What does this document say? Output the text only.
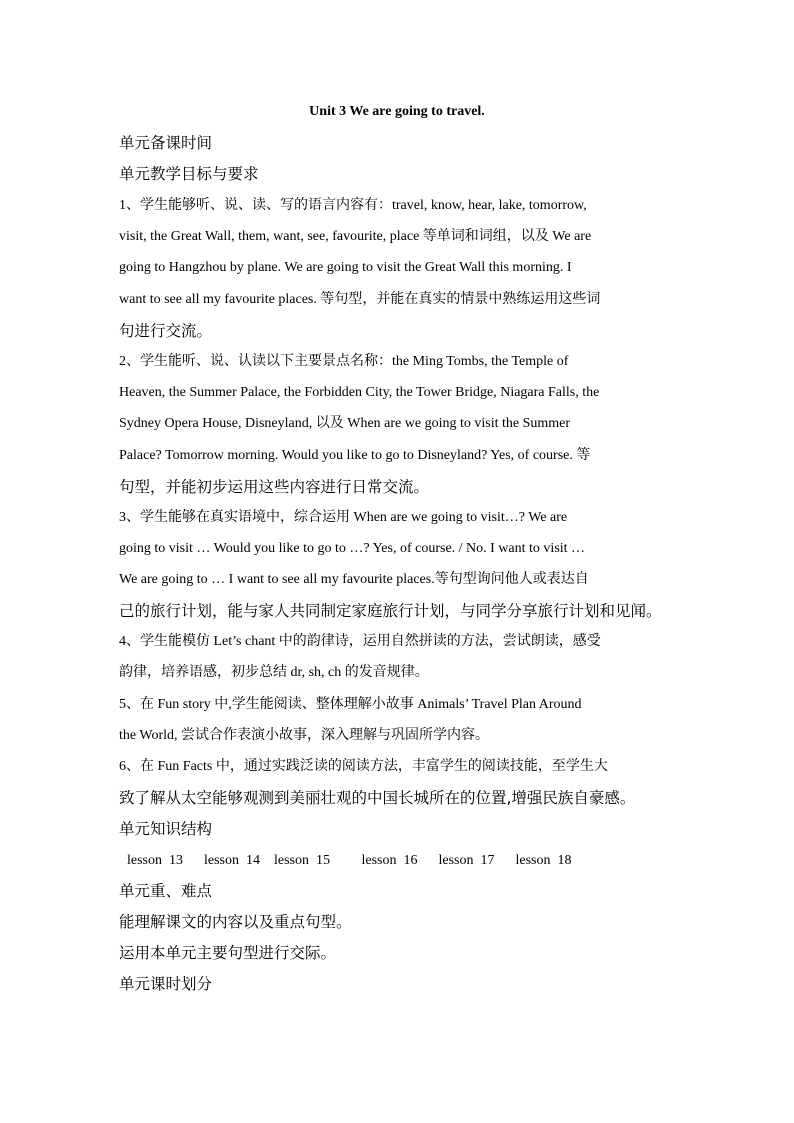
Unit 3 We are going to travel.
单元备课时间
单元教学目标与要求
1、学生能够听、说、读、写的语言内容有：travel, know, hear, lake, tomorrow,
visit, the Great Wall, them, want, see, favourite, place 等单词和词组，以及 We are
going to Hangzhou by plane. We are going to visit the Great Wall this morning. I
want to see all my favourite places. 等句型，并能在真实的情景中熟练运用这些词
句进行交流。
2、学生能听、说、认读以下主要景点名称：the Ming Tombs, the Temple of
Heaven, the Summer Palace, the Forbidden City, the Tower Bridge, Niagara Falls, the
Sydney Opera House, Disneyland, 以及 When are we going to visit the Summer
Palace? Tomorrow morning. Would you like to go to Disneyland? Yes, of course. 等
句型，并能初步运用这些内容进行日常交流。
3、学生能够在真实语境中，综合运用 When are we going to visit…? We are
going to visit … Would you like to go to …? Yes, of course. / No. I want to visit …
We are going to … I want to see all my favourite places.等句型询问他人或表达自
己的旅行计划，能与家人共同制定家庭旅行计划，与同学分享旅行计划和见闻。
4、学生能模仿 Let’s chant 中的韵律诗，运用自然拼读的方法，尝试朗读，感受
韵律，培养语感，初步总结 dr, sh, ch 的发音规律。
5、在 Fun story 中,学生能阅读、整体理解小故事 Animals’ Travel Plan Around
the World, 尝试合作表演小故事，深入理解与巩固所学内容。
6、在 Fun Facts 中，通过实践泛读的阅读方法，丰富学生的阅读技能，至学生大
致了解从太空能够观测到美丽壮观的中国长城所在的位置,增强民族自豪感。
单元知识结构
lesson  13 lesson  14 lesson  15 lesson  16 lesson  17 lesson  18
单元重、难点
能理解课文的内容以及重点句型。
运用本单元主要句型进行交际。
单元课时划分
